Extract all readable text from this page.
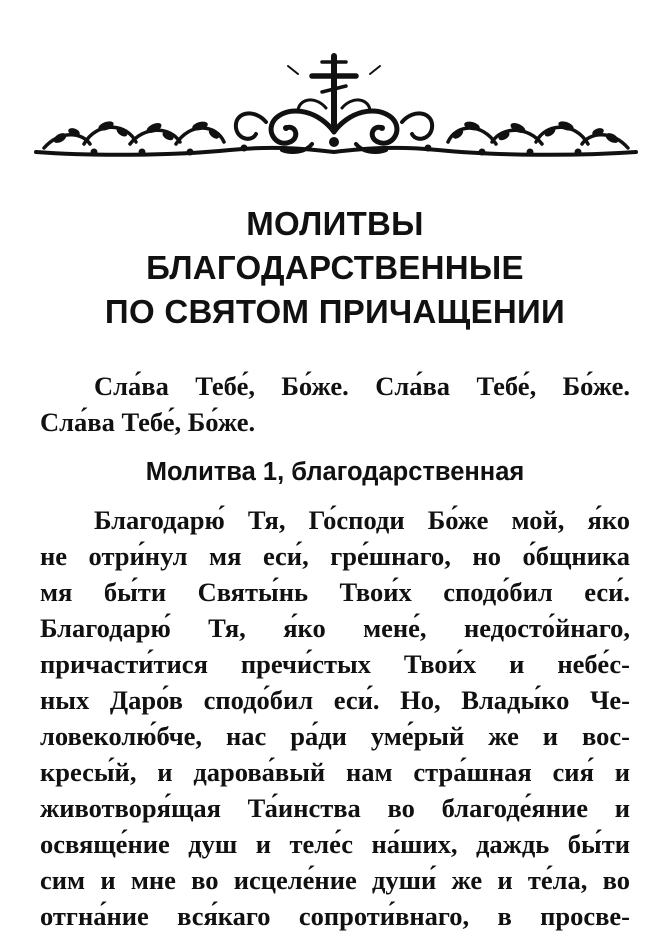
МОЛИТВЫ
БЛАГОДАРСТВЕННЫЕ
ПО СВЯТОМ ПРИЧАЩЕНИИ
Сла́ва Тебе́, Бо́же. Сла́ва Тебе́, Бо́же.
Сла́ва Тебе́, Бо́же.
Молитва 1, благодарственная
Благодарю́ Тя, Го́споди Бо́же мой, я́ко
не отри́нул мя еси́, гре́шнаго, но о́бщника
мя бы́ти Святы́нь Твои́х сподо́бил еси́.
Благодарю́ Тя, я́ко мене́, недосто́йнаго,
причасти́тися пречи́стых Твои́х и небе́с-
ных Даро́в сподо́бил еси́. Но, Влады́ко Че-
ловеколю́бче, нас ра́ди уме́рый же и вос-
кресы́й, и дарова́вый нам стра́шная сия́ и
животворя́щая Та́инства во благоде́яние и
освяще́ние душ и теле́с на́ших, даждь бы́ти
сим и мне во исцеле́ние души́ же и те́ла, во
отгна́ние вся́каго сопроти́внаго, в просве-
